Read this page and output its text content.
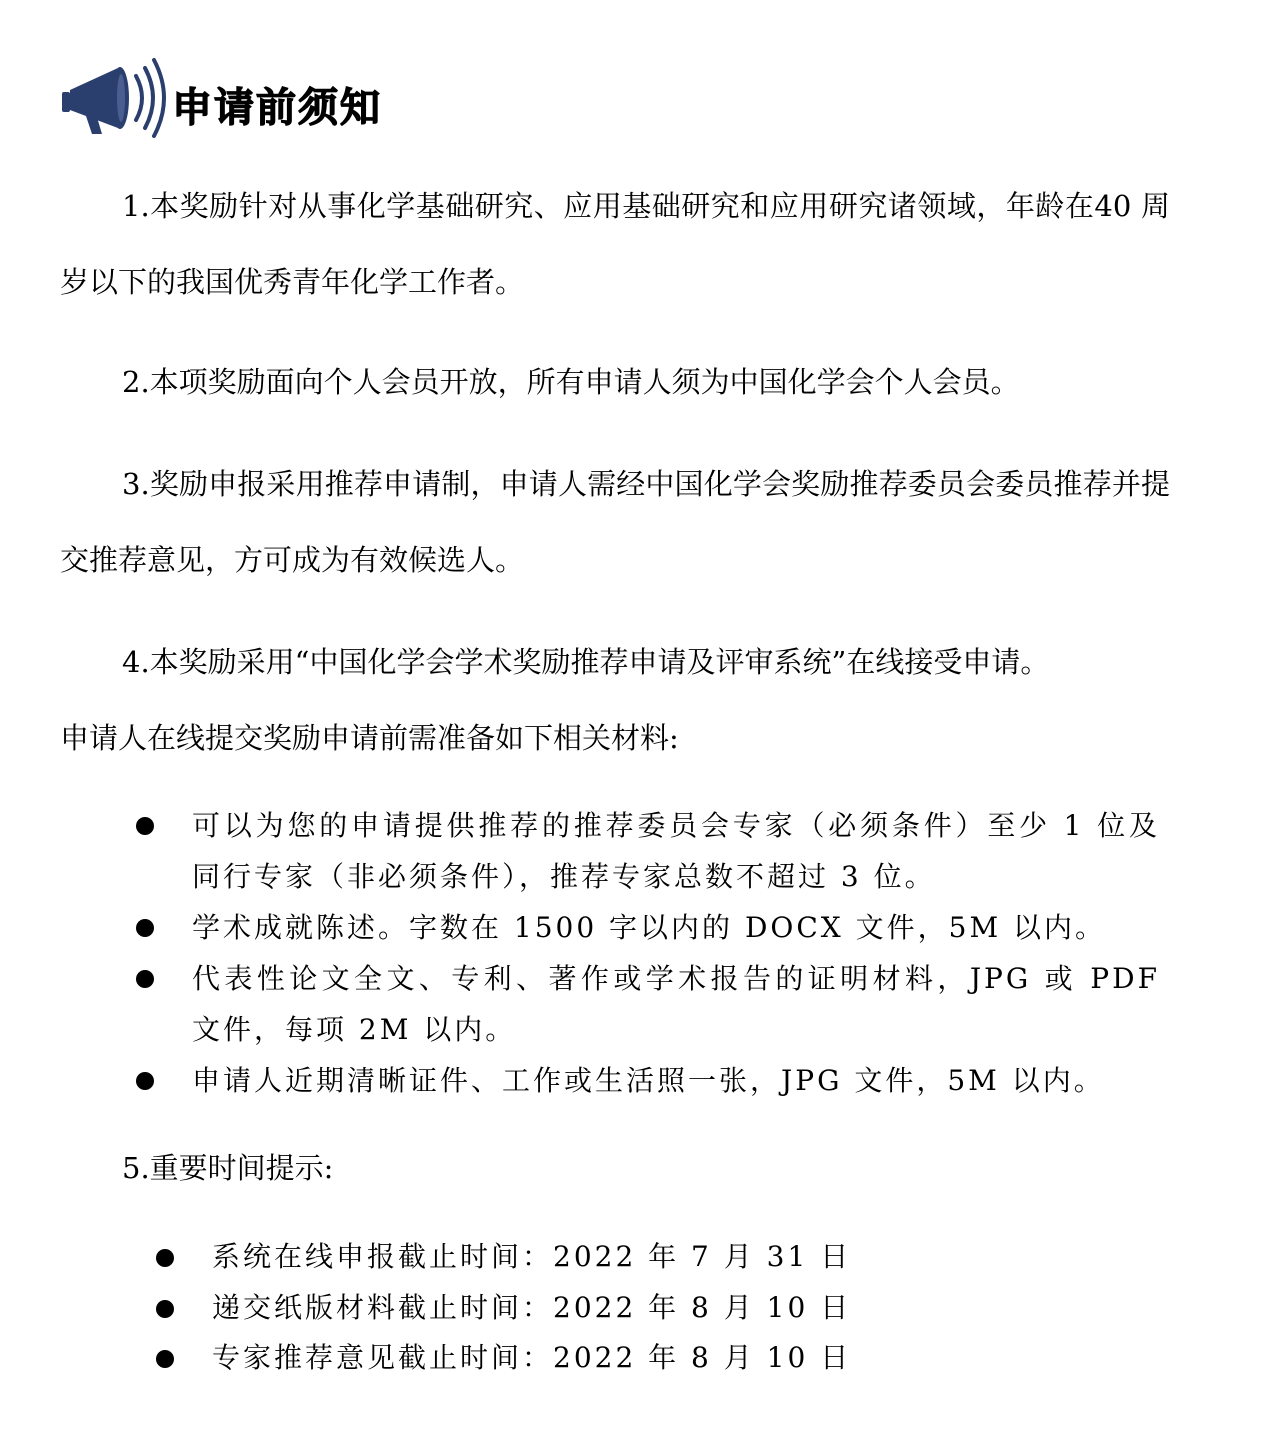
申请前须知

1.本奖励针对从事化学基础研究、应用基础研究和应用研究诸领域，年龄在40 周岁以下的我国优秀青年化学工作者。

2.本项奖励面向个人会员开放，所有申请人须为中国化学会个人会员。

3.奖励申报采用推荐申请制，申请人需经中国化学会奖励推荐委员会委员推荐并提交推荐意见，方可成为有效候选人。

4.本奖励采用“中国化学会学术奖励推荐申请及评审系统”在线接受申请。

申请人在线提交奖励申请前需准备如下相关材料:

可以为您的申请提供推荐的推荐委员会专家（必须条件）至少 1 位及同行专家（非必须条件），推荐专家总数不超过 3 位。
学术成就陈述。字数在 1500 字以内的 DOCX 文件，5M 以内。
代表性论文全文、专利、著作或学术报告的证明材料，JPG 或 PDF 文件，每项 2M 以内。
申请人近期清晰证件、工作或生活照一张，JPG 文件，5M 以内。

5.重要时间提示:

系统在线申报截止时间：2022 年 7 月 31 日
递交纸版材料截止时间：2022 年 8 月 10 日
专家推荐意见截止时间：2022 年 8 月 10 日
